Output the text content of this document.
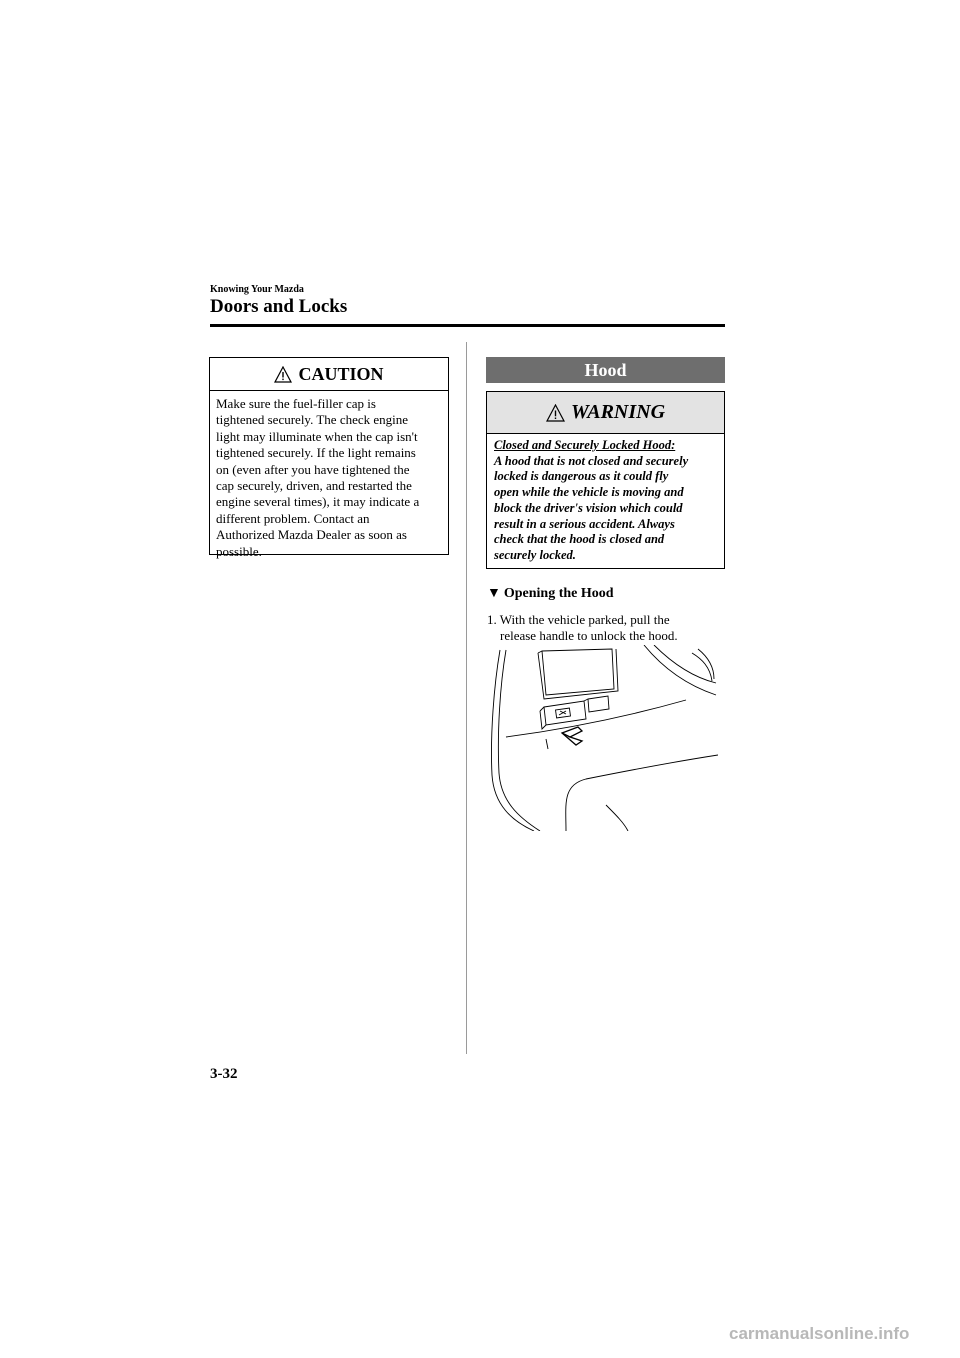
Knowing Your Mazda
Doors and Locks
CAUTION
Make sure the fuel-filler cap is
tightened securely. The check engine
light may illuminate when the cap isn't
tightened securely. If the light remains
on (even after you have tightened the
cap securely, driven, and restarted the
engine several times), it may indicate a
different problem. Contact an
Authorized Mazda Dealer as soon as
possible.
Hood
WARNING
Closed and Securely Locked Hood:
A hood that is not closed and securely
locked is dangerous as it could fly
open while the vehicle is moving and
block the driver's vision which could
result in a serious accident. Always
check that the hood is closed and
securely locked.
▼ Opening the Hood
1. With the vehicle parked, pull the
release handle to unlock the hood.
3-32
carmanualsonline.info
